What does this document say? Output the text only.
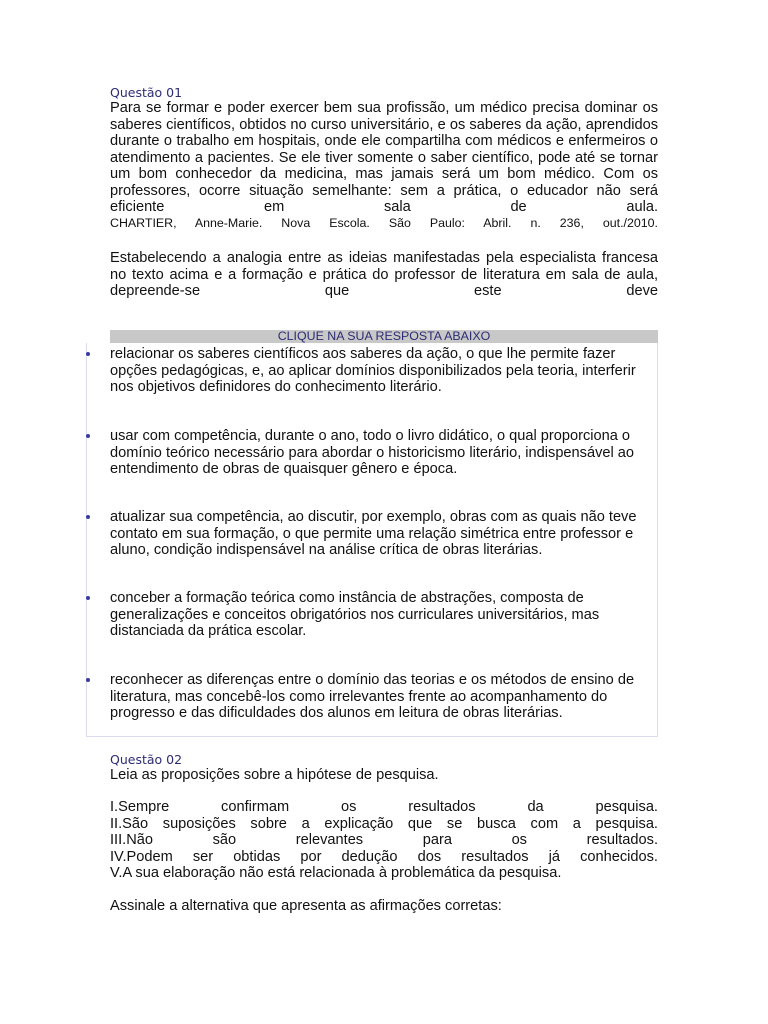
Questão 01
Para se formar e poder exercer bem sua profissão, um médico precisa dominar os saberes científicos, obtidos no curso universitário, e os saberes da ação, aprendidos durante o trabalho em hospitais, onde ele compartilha com médicos e enfermeiros o atendimento a pacientes. Se ele tiver somente o saber científico, pode até se tornar um bom conhecedor da medicina, mas jamais será um bom médico. Com os professores, ocorre situação semelhante: sem a prática, o educador não será eficiente em sala de aula.
CHARTIER, Anne-Marie. Nova Escola. São Paulo: Abril. n. 236, out./2010.
Estabelecendo a analogia entre as ideias manifestadas pela especialista francesa no texto acima e a formação e prática do professor de literatura em sala de aula, depreende-se que este deve
CLIQUE NA SUA RESPOSTA ABAIXO
relacionar os saberes científicos aos saberes da ação, o que lhe permite fazer opções pedagógicas, e, ao aplicar domínios disponibilizados pela teoria, interferir nos objetivos definidores do conhecimento literário.
usar com competência, durante o ano, todo o livro didático, o qual proporciona o domínio teórico necessário para abordar o historicismo literário, indispensável ao entendimento de obras de quaisquer gênero e época.
atualizar sua competência, ao discutir, por exemplo, obras com as quais não teve contato em sua formação, o que permite uma relação simétrica entre professor e aluno, condição indispensável na análise crítica de obras literárias.
conceber a formação teórica como instância de abstrações, composta de generalizações e conceitos obrigatórios nos curriculares universitários, mas distanciada da prática escolar.
reconhecer as diferenças entre o domínio das teorias e os métodos de ensino de literatura, mas concebê-los como irrelevantes frente ao acompanhamento do progresso e das dificuldades dos alunos em leitura de obras literárias.
Questão 02
Leia as proposições sobre a hipótese de pesquisa.
I.Sempre confirmam os resultados da pesquisa.
II.São suposições sobre a explicação que se busca com a pesquisa.
III.Não são relevantes para os resultados.
IV.Podem ser obtidas por dedução dos resultados já conhecidos.
V.A sua elaboração não está relacionada à problemática da pesquisa.
Assinale a alternativa que apresenta as afirmações corretas:
